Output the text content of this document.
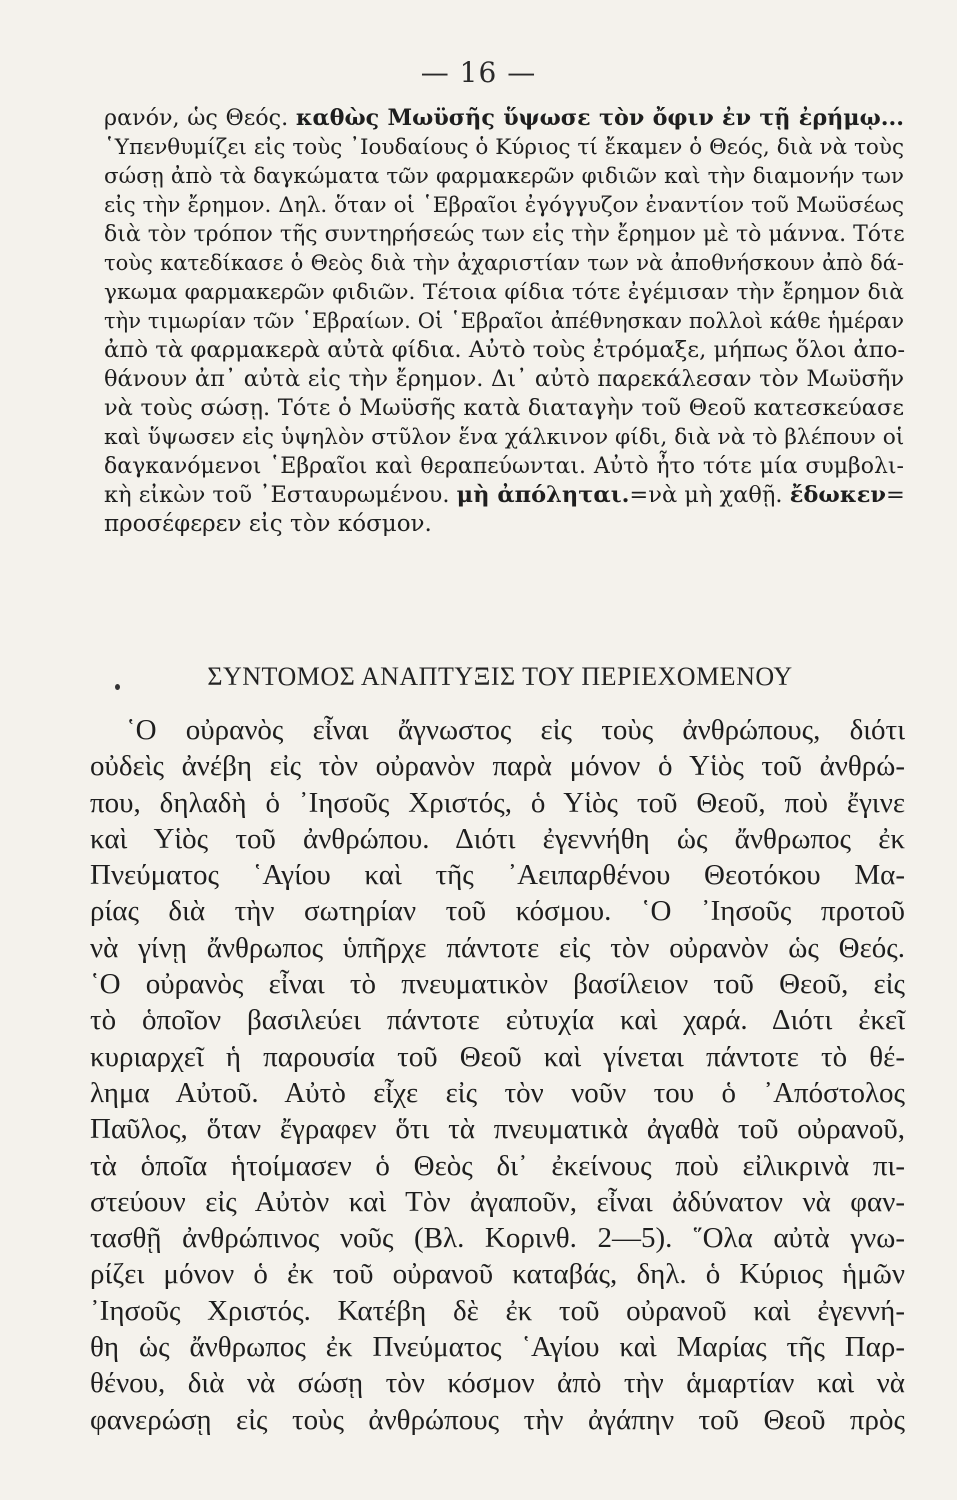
— 16 —
ρανόν, ὡς Θεός. καθὼς Μωϋσῆς ὕψωσε τὸν ὄφιν ἐν τῇ ἐρήμῳ...
῾Υπενθυμίζει εἰς τοὺς ᾿Ιουδαίους ὁ Κύριος τί ἔκαμεν ὁ Θεός, διὰ νὰ τοὺς
σώσῃ ἀπὸ τὰ δαγκώματα τῶν φαρμακερῶν φιδιῶν καὶ τὴν διαμονήν των
εἰς τὴν ἔρημον. Δηλ. ὅταν οἱ ῾Εβραῖοι ἐγόγγυζον ἐναντίον τοῦ Μωϋσέως
διὰ τὸν τρόπον τῆς συντηρήσεώς των εἰς τὴν ἔρημον μὲ τὸ μάννα. Τότε
τοὺς κατεδίκασε ὁ Θεὸς διὰ τὴν ἀχαριστίαν των νὰ ἀποθνήσκουν ἀπὸ δά-
γκωμα φαρμακερῶν φιδιῶν. Τέτοια φίδια τότε ἐγέμισαν τὴν ἔρημον διὰ
τὴν τιμωρίαν τῶν ῾Εβραίων. Οἱ ῾Εβραῖοι ἀπέθνησκαν πολλοὶ κάθε ἡμέραν
ἀπὸ τὰ φαρμακερὰ αὐτὰ φίδια. Αὐτὸ τοὺς ἐτρόμαξε, μήπως ὅλοι ἀπο-
θάνουν ἀπ᾿ αὐτὰ εἰς τὴν ἔρημον. Δι᾿ αὐτὸ παρεκάλεσαν τὸν Μωϋσῆν
νὰ τοὺς σώσῃ. Τότε ὁ Μωϋσῆς κατὰ διαταγὴν τοῦ Θεοῦ κατεσκεύασε
καὶ ὕψωσεν εἰς ὑψηλὸν στῦλον ἕνα χάλκινον φίδι, διὰ νὰ τὸ βλέπουν οἱ
δαγκανόμενοι ῾Εβραῖοι καὶ θεραπεύωνται. Αὐτὸ ἦτο τότε μία συμβολι-
κὴ εἰκὼν τοῦ ᾿Εσταυρωμένου. μὴ ἀπόληται.=νὰ μὴ χαθῇ. ἔδωκεν=
προσέφερεν εἰς τὸν κόσμον.
ΣΥΝΤΟΜΟΣ ΑΝΑΠΤΥΞΙΣ ΤΟΥ ΠΕΡΙΕΧΟΜΕΝΟΥ
῾Ο οὐρανὸς εἶναι ἄγνωστος εἰς τοὺς ἀνθρώπους, διότι
οὐδεὶς ἀνέβη εἰς τὸν οὐρανὸν παρὰ μόνον ὁ Υἱὸς τοῦ ἀνθρώ-
που, δηλαδὴ ὁ ᾿Ιησοῦς Χριστός, ὁ Υἱὸς τοῦ Θεοῦ, ποὺ ἔγινε
καὶ Υἱὸς τοῦ ἀνθρώπου. Διότι ἐγεννήθη ὡς ἄνθρωπος ἐκ
Πνεύματος ῾Αγίου καὶ τῆς ᾿Αειπαρθένου Θεοτόκου Μα-
ρίας διὰ τὴν σωτηρίαν τοῦ κόσμου. ῾Ο ᾿Ιησοῦς προτοῦ
νὰ γίνῃ ἄνθρωπος ὑπῆρχε πάντοτε εἰς τὸν οὐρανὸν ὡς Θεός.
῾Ο οὐρανὸς εἶναι τὸ πνευματικὸν βασίλειον τοῦ Θεοῦ, εἰς
τὸ ὁποῖον βασιλεύει πάντοτε εὐτυχία καὶ χαρά. Διότι ἐκεῖ
κυριαρχεῖ ἡ παρουσία τοῦ Θεοῦ καὶ γίνεται πάντοτε τὸ θέ-
λημα Αὐτοῦ. Αὐτὸ εἶχε εἰς τὸν νοῦν του ὁ ᾿Απόστολος
Παῦλος, ὅταν ἔγραφεν ὅτι τὰ πνευματικὰ ἀγαθὰ τοῦ οὐρανοῦ,
τὰ ὁποῖα ἡτοίμασεν ὁ Θεὸς δι᾿ ἐκείνους ποὺ εἰλικρινὰ πι-
στεύουν εἰς Αὐτὸν καὶ Τὸν ἀγαποῦν, εἶναι ἀδύνατον νὰ φαν-
τασθῇ ἀνθρώπινος νοῦς (Βλ. Κορινθ. 2—5). ῞Ολα αὐτὰ γνω-
ρίζει μόνον ὁ ἐκ τοῦ οὐρανοῦ καταβάς, δηλ. ὁ Κύριος ἡμῶν
᾿Ιησοῦς Χριστός. Κατέβη δὲ ἐκ τοῦ οὐρανοῦ καὶ ἐγεννή-
θη ὡς ἄνθρωπος ἐκ Πνεύματος ῾Αγίου καὶ Μαρίας τῆς Παρ-
θένου, διὰ νὰ σώσῃ τὸν κόσμον ἀπὸ τὴν ἁμαρτίαν καὶ νὰ
φανερώσῃ εἰς τοὺς ἀνθρώπους τὴν ἀγάπην τοῦ Θεοῦ πρὸς
